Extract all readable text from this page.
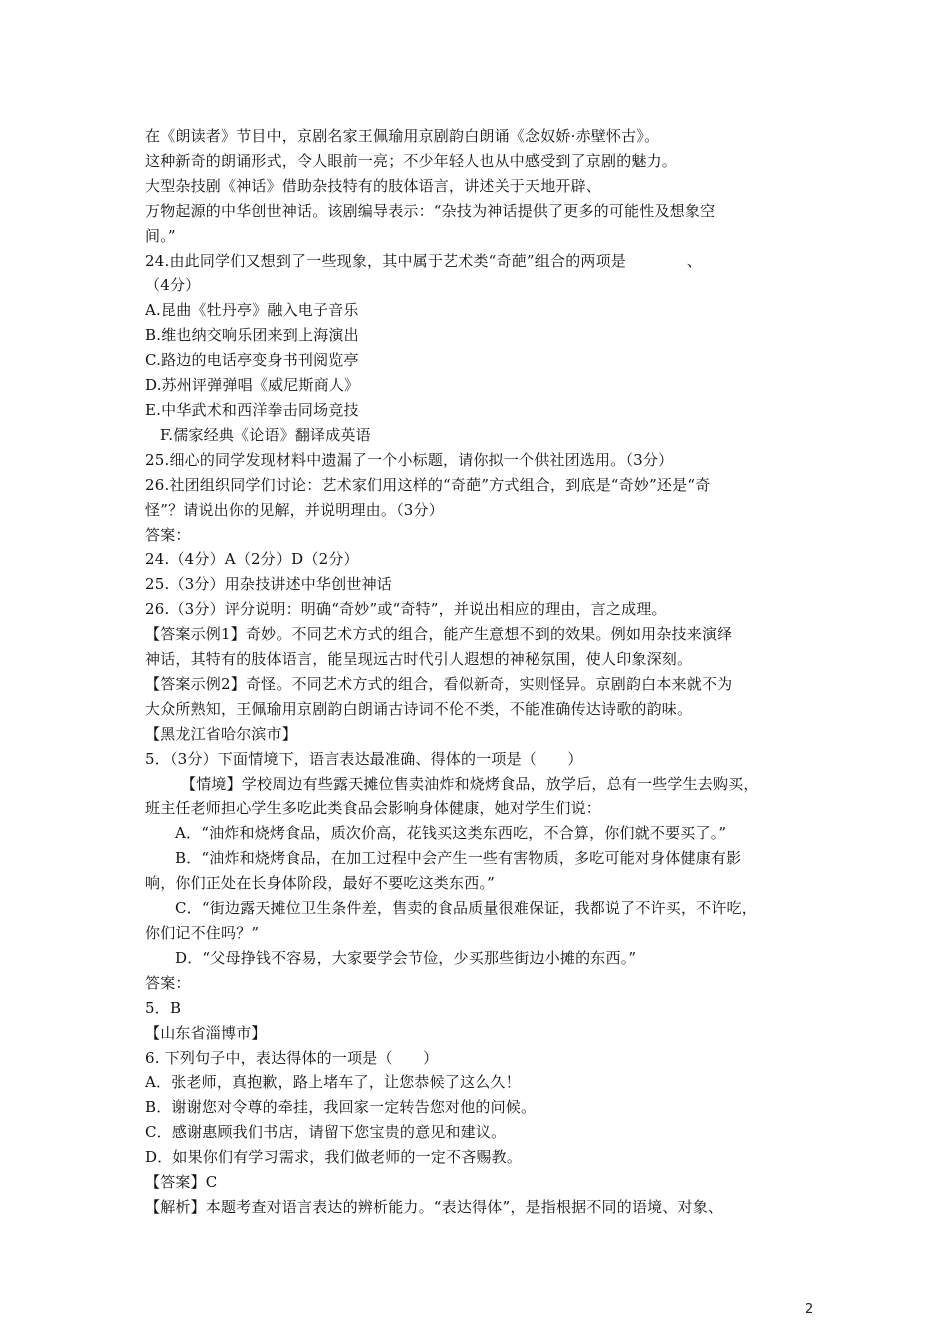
在《朗读者》节目中，京剧名家王佩瑜用京剧韵白朗诵《念奴娇·赤壁怀古》。
这种新奇的朗诵形式，令人眼前一亮；不少年轻人也从中感受到了京剧的魅力。
大型杂技剧《神话》借助杂技特有的肢体语言，讲述关于天地开辟、
万物起源的中华创世神话。该剧编导表示：“杂技为神话提供了更多的可能性及想象空
间。”
24.由此同学们又想到了一些现象，其中属于艺术类“奇葩”组合的两项是　　　　、
（4分）
A.昆曲《牡丹亭》融入电子音乐
B.维也纳交响乐团来到上海演出
C.路边的电话亭变身书刊阅览亭
D.苏州评弹弹唱《威尼斯商人》
E.中华武术和西洋拳击同场竞技
F.儒家经典《论语》翻译成英语
25.细心的同学发现材料中遗漏了一个小标题，请你拟一个供社团选用。（3分）
26.社团组织同学们讨论：艺术家们用这样的“奇葩”方式组合，到底是“奇妙”还是“奇
怪”？请说出你的见解，并说明理由。（3分）
答案：
24.（4分）A（2分）D（2分）
25.（3分）用杂技讲述中华创世神话
26.（3分）评分说明：明确“奇妙”或“奇特”，并说出相应的理由，言之成理。
【答案示例1】奇妙。不同艺术方式的组合，能产生意想不到的效果。例如用杂技来演绎
神话，其特有的肢体语言，能呈现远古时代引人遐想的神秘氛围，使人印象深刻。
【答案示例2】奇怪。不同艺术方式的组合，看似新奇，实则怪异。京剧韵白本来就不为
大众所熟知，王佩瑜用京剧韵白朗诵古诗词不伦不类，不能准确传达诗歌的韵味。
【黑龙江省哈尔滨市】
5．（3分）下面情境下，语言表达最准确、得体的一项是（　　）
【情境】学校周边有些露天摊位售卖油炸和烧烤食品，放学后，总有一些学生去购买，
班主任老师担心学生多吃此类食品会影响身体健康，她对学生们说：
A．“油炸和烧烤食品，质次价高，花钱买这类东西吃，不合算，你们就不要买了。”
B．“油炸和烧烤食品，在加工过程中会产生一些有害物质，多吃可能对身体健康有影
响，你们正处在长身体阶段，最好不要吃这类东西。”
C．“街边露天摊位卫生条件差，售卖的食品质量很难保证，我都说了不许买，不许吃，
你们记不住吗？”
D．“父母挣钱不容易，大家要学会节俭，少买那些街边小摊的东西。”
答案：
5．B
【山东省淄博市】
6. 下列句子中，表达得体的一项是（　　）
A．张老师，真抱歉，路上堵车了，让您恭候了这么久！
B．谢谢您对令尊的牵挂，我回家一定转告您对他的问候。
C．感谢惠顾我们书店，请留下您宝贵的意见和建议。
D．如果你们有学习需求，我们做老师的一定不吝赐教。
【答案】C
【解析】本题考查对语言表达的辨析能力。“表达得体”，是指根据不同的语境、对象、
2
